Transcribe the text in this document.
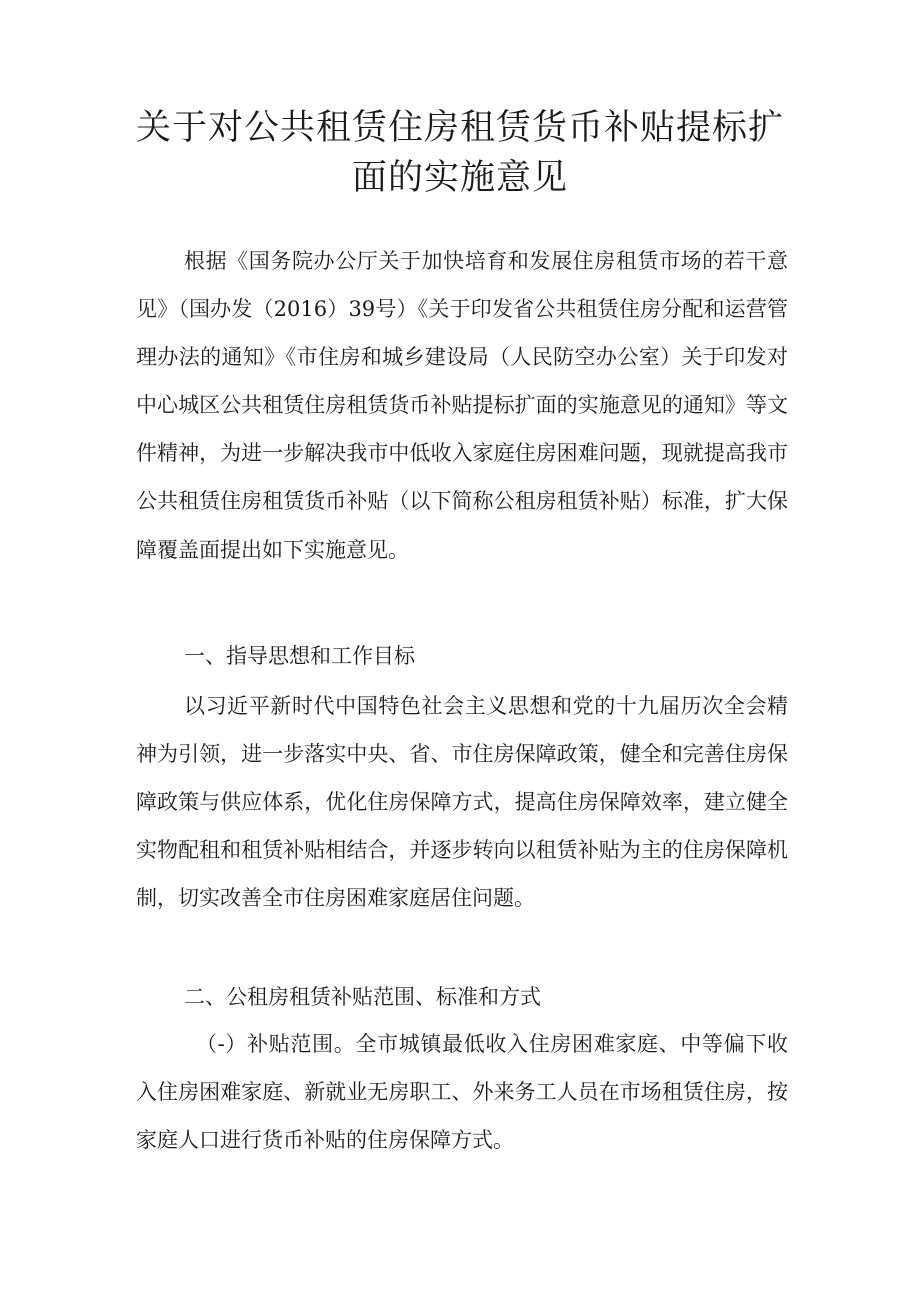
关于对公共租赁住房租赁货币补贴提标扩
面的实施意见

根据《国务院办公厅关于加快培育和发展住房租赁市场的若干意见》（国办发（2016）39号）《关于印发省公共租赁住房分配和运营管理办法的通知》《市住房和城乡建设局（人民防空办公室）关于印发对中心城区公共租赁住房租赁货币补贴提标扩面的实施意见的通知》等文件精神，为进一步解决我市中低收入家庭住房困难问题，现就提高我市公共租赁住房租赁货币补贴（以下简称公租房租赁补贴）标准，扩大保障覆盖面提出如下实施意见。

一、指导思想和工作目标

以习近平新时代中国特色社会主义思想和党的十九届历次全会精神为引领，进一步落实中央、省、市住房保障政策，健全和完善住房保障政策与供应体系，优化住房保障方式，提高住房保障效率，建立健全实物配租和租赁补贴相结合，并逐步转向以租赁补贴为主的住房保障机制，切实改善全市住房困难家庭居住问题。

二、公租房租赁补贴范围、标准和方式

（-）补贴范围。全市城镇最低收入住房困难家庭、中等偏下收入住房困难家庭、新就业无房职工、外来务工人员在市场租赁住房，按家庭人口进行货币补贴的住房保障方式。
